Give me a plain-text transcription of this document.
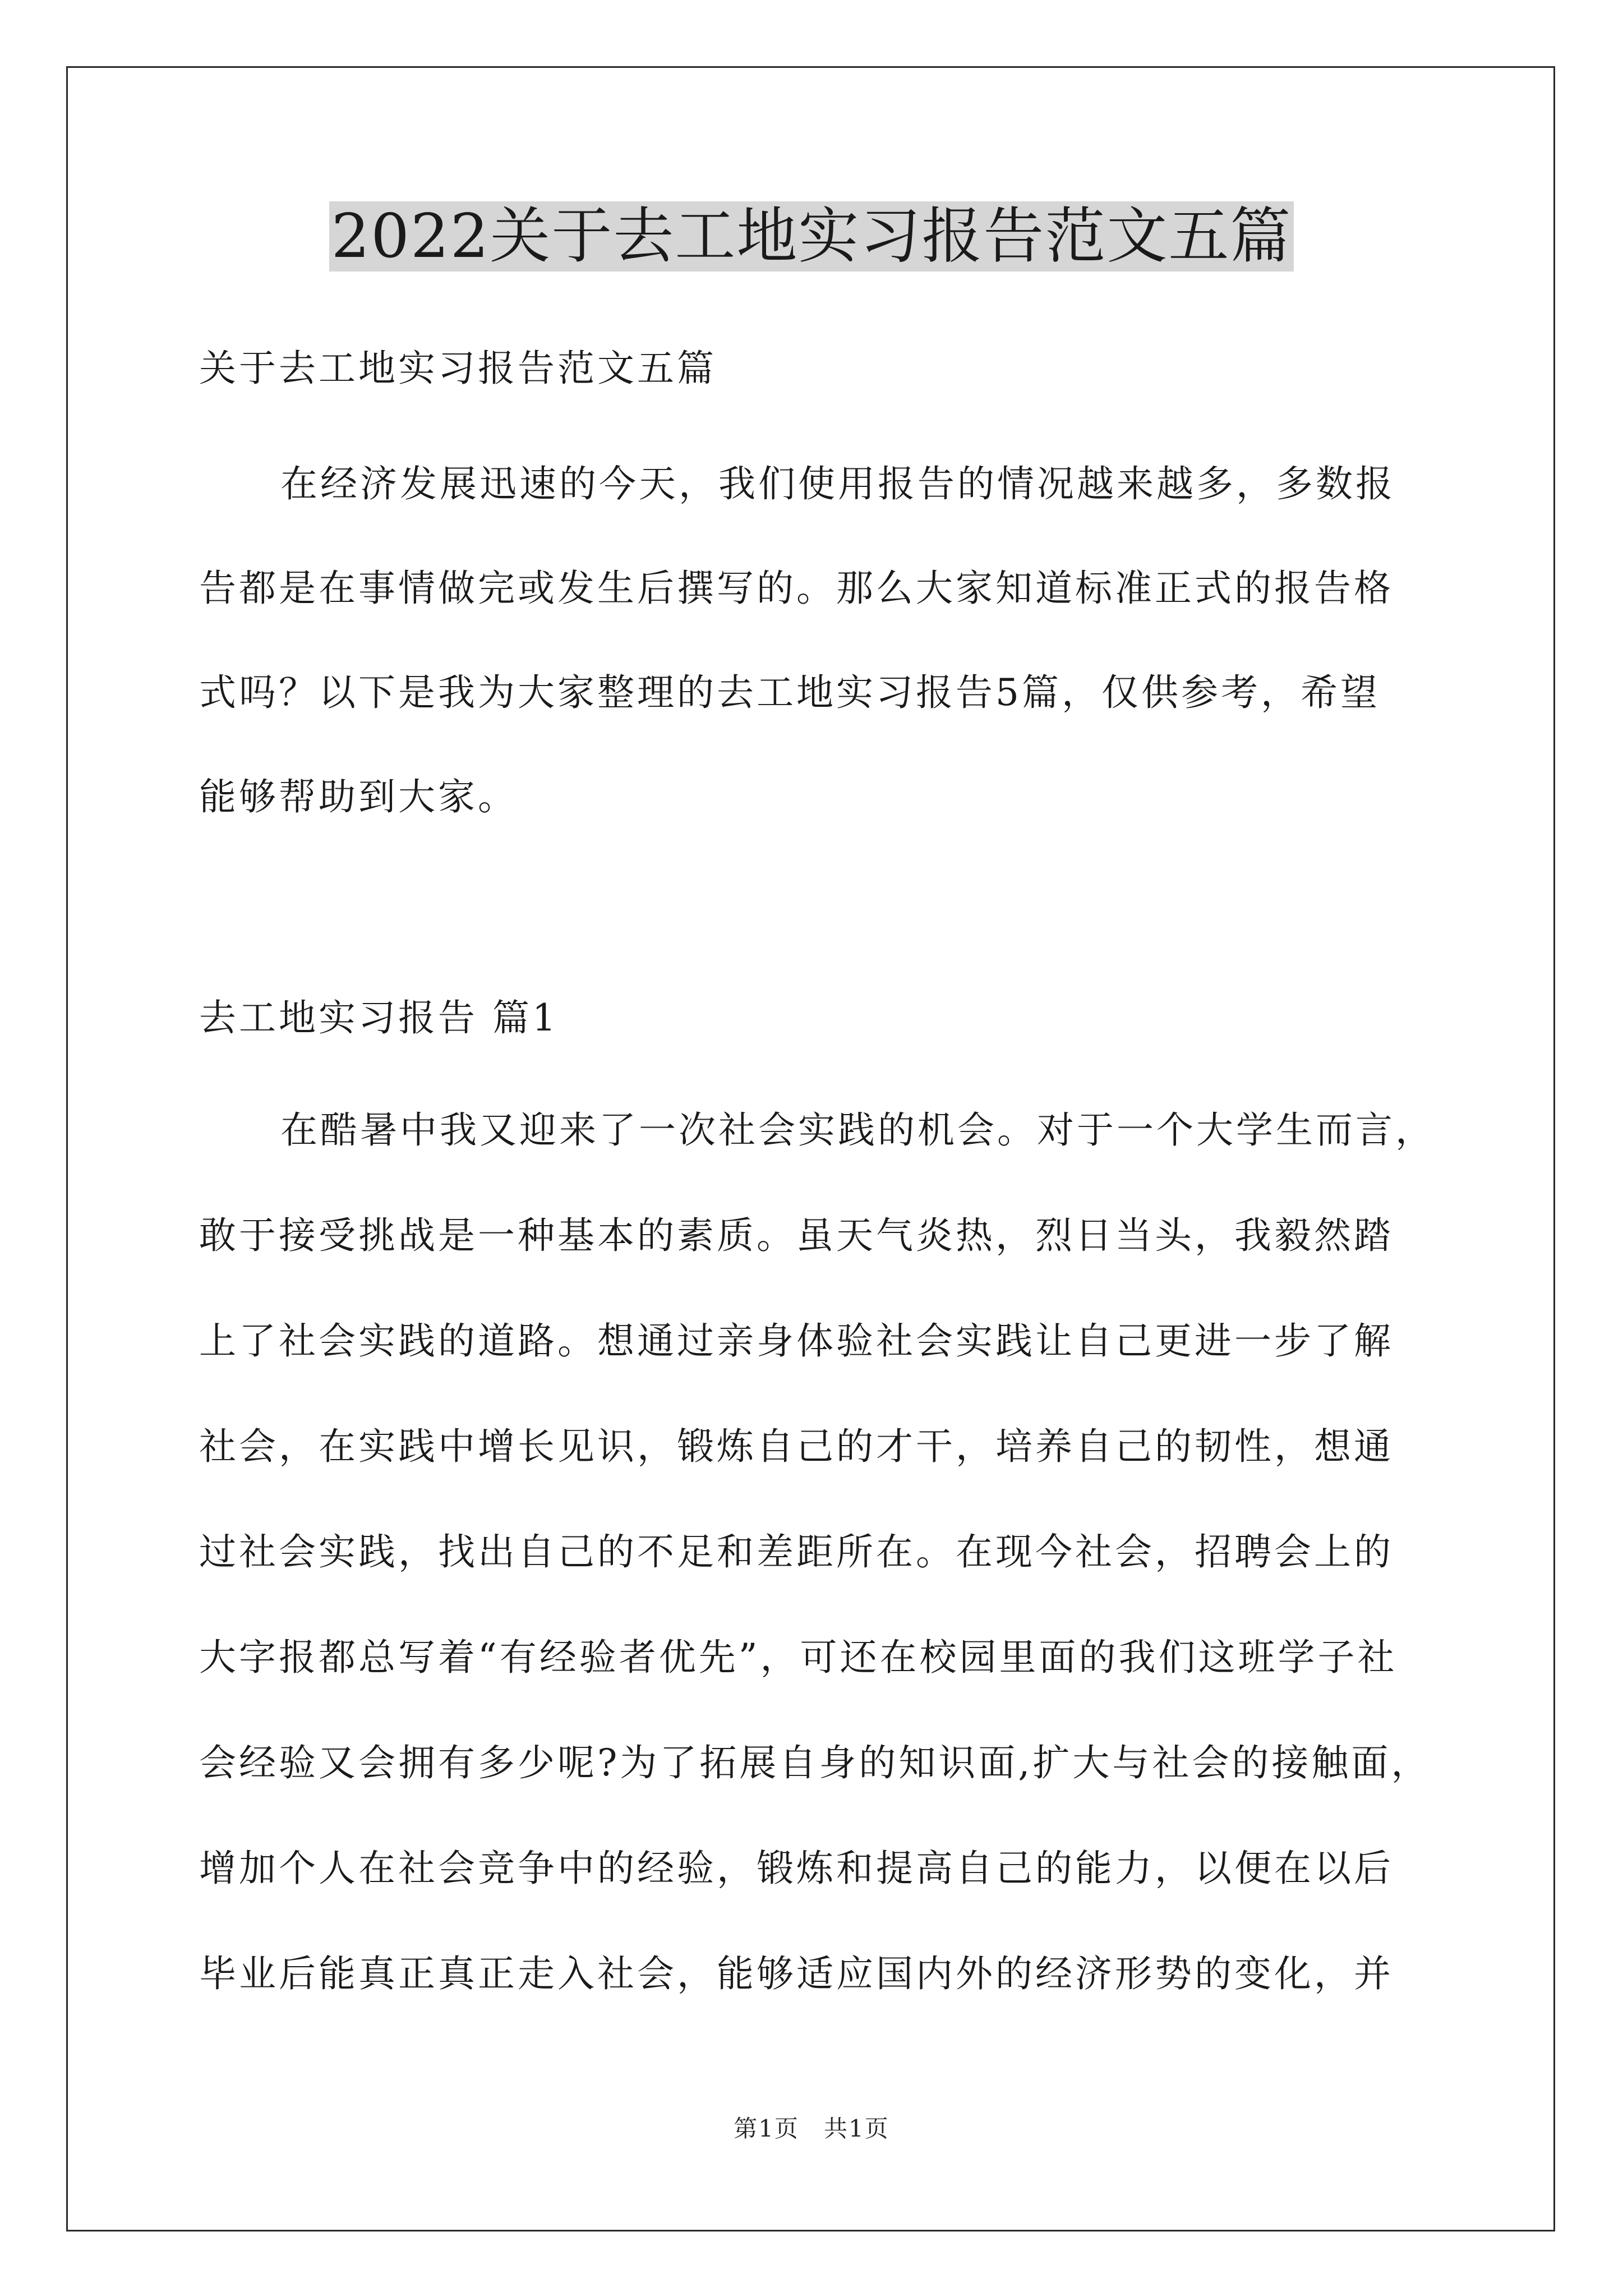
2022关于去工地实习报告范文五篇

关于去工地实习报告范文五篇

在经济发展迅速的今天，我们使用报告的情况越来越多，多数报

告都是在事情做完或发生后撰写的。那么大家知道标准正式的报告格

式吗？以下是我为大家整理的去工地实习报告5篇，仅供参考，希望

能够帮助到大家。

去工地实习报告 篇1

在酷暑中我又迎来了一次社会实践的机会。对于一个大学生而言，

敢于接受挑战是一种基本的素质。虽天气炎热，烈日当头，我毅然踏

上了社会实践的道路。想通过亲身体验社会实践让自己更进一步了解

社会，在实践中增长见识，锻炼自己的才干，培养自己的韧性，想通

过社会实践，找出自己的不足和差距所在。在现今社会，招聘会上的

大字报都总写着“有经验者优先”，可还在校园里面的我们这班学子社

会经验又会拥有多少呢?为了拓展自身的知识面,扩大与社会的接触面，

增加个人在社会竞争中的经验，锻炼和提高自己的能力，以便在以后

毕业后能真正真正走入社会，能够适应国内外的经济形势的变化，并

第1页　共1页
